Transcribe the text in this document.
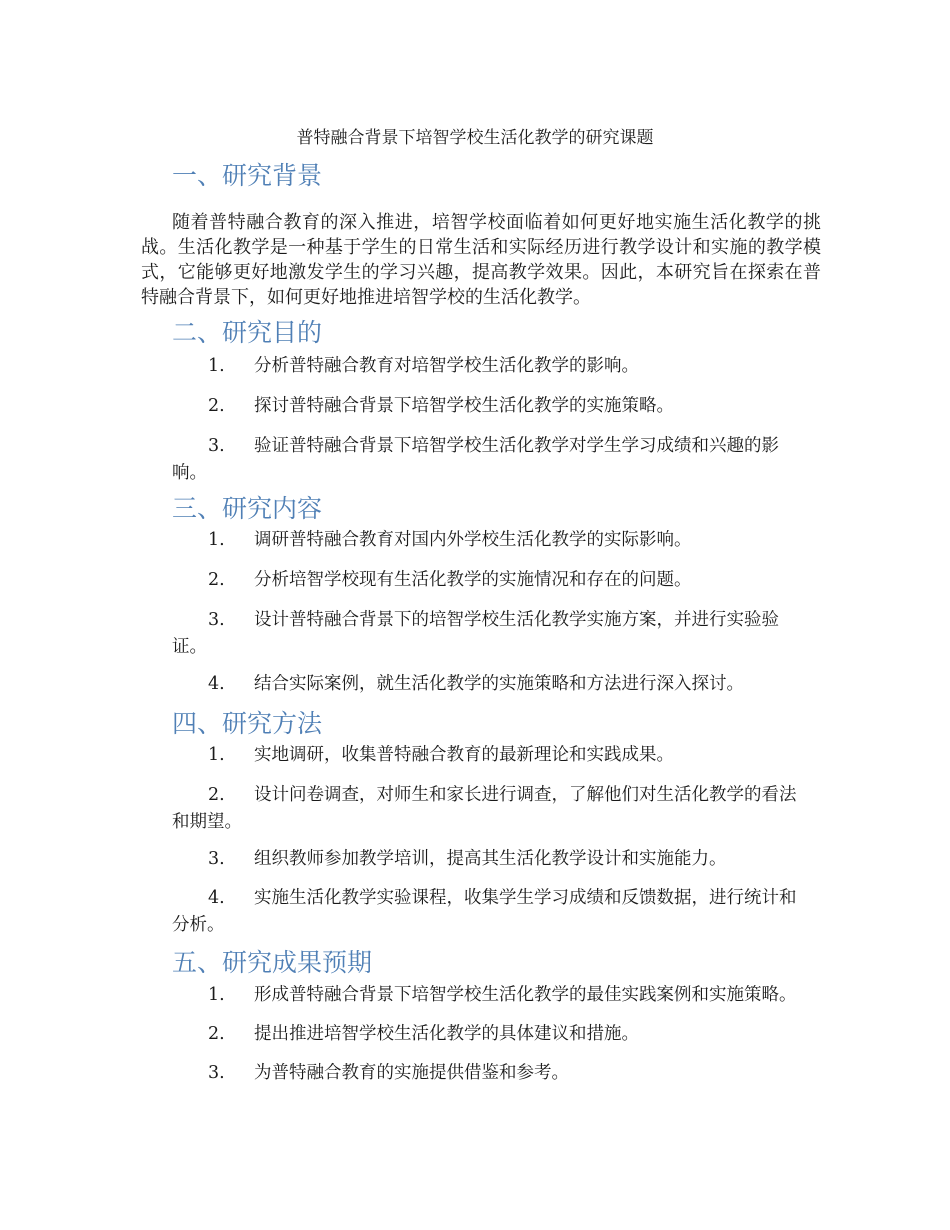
普特融合背景下培智学校生活化教学的研究课题
一、研究背景
随着普特融合教育的深入推进，培智学校面临着如何更好地实施生活化教学的挑战。生活化教学是一种基于学生的日常生活和实际经历进行教学设计和实施的教学模式，它能够更好地激发学生的学习兴趣，提高教学效果。因此，本研究旨在探索在普特融合背景下，如何更好地推进培智学校的生活化教学。
二、研究目的
1.	分析普特融合教育对培智学校生活化教学的影响。
2.	探讨普特融合背景下培智学校生活化教学的实施策略。
3.	验证普特融合背景下培智学校生活化教学对学生学习成绩和兴趣的影响。
三、研究内容
1.	调研普特融合教育对国内外学校生活化教学的实际影响。
2.	分析培智学校现有生活化教学的实施情况和存在的问题。
3.	设计普特融合背景下的培智学校生活化教学实施方案，并进行实验验证。
4.	结合实际案例，就生活化教学的实施策略和方法进行深入探讨。
四、研究方法
1.	实地调研，收集普特融合教育的最新理论和实践成果。
2.	设计问卷调查，对师生和家长进行调查，了解他们对生活化教学的看法和期望。
3.	组织教师参加教学培训，提高其生活化教学设计和实施能力。
4.	实施生活化教学实验课程，收集学生学习成绩和反馈数据，进行统计和分析。
五、研究成果预期
1.	形成普特融合背景下培智学校生活化教学的最佳实践案例和实施策略。
2.	提出推进培智学校生活化教学的具体建议和措施。
3.	为普特融合教育的实施提供借鉴和参考。
